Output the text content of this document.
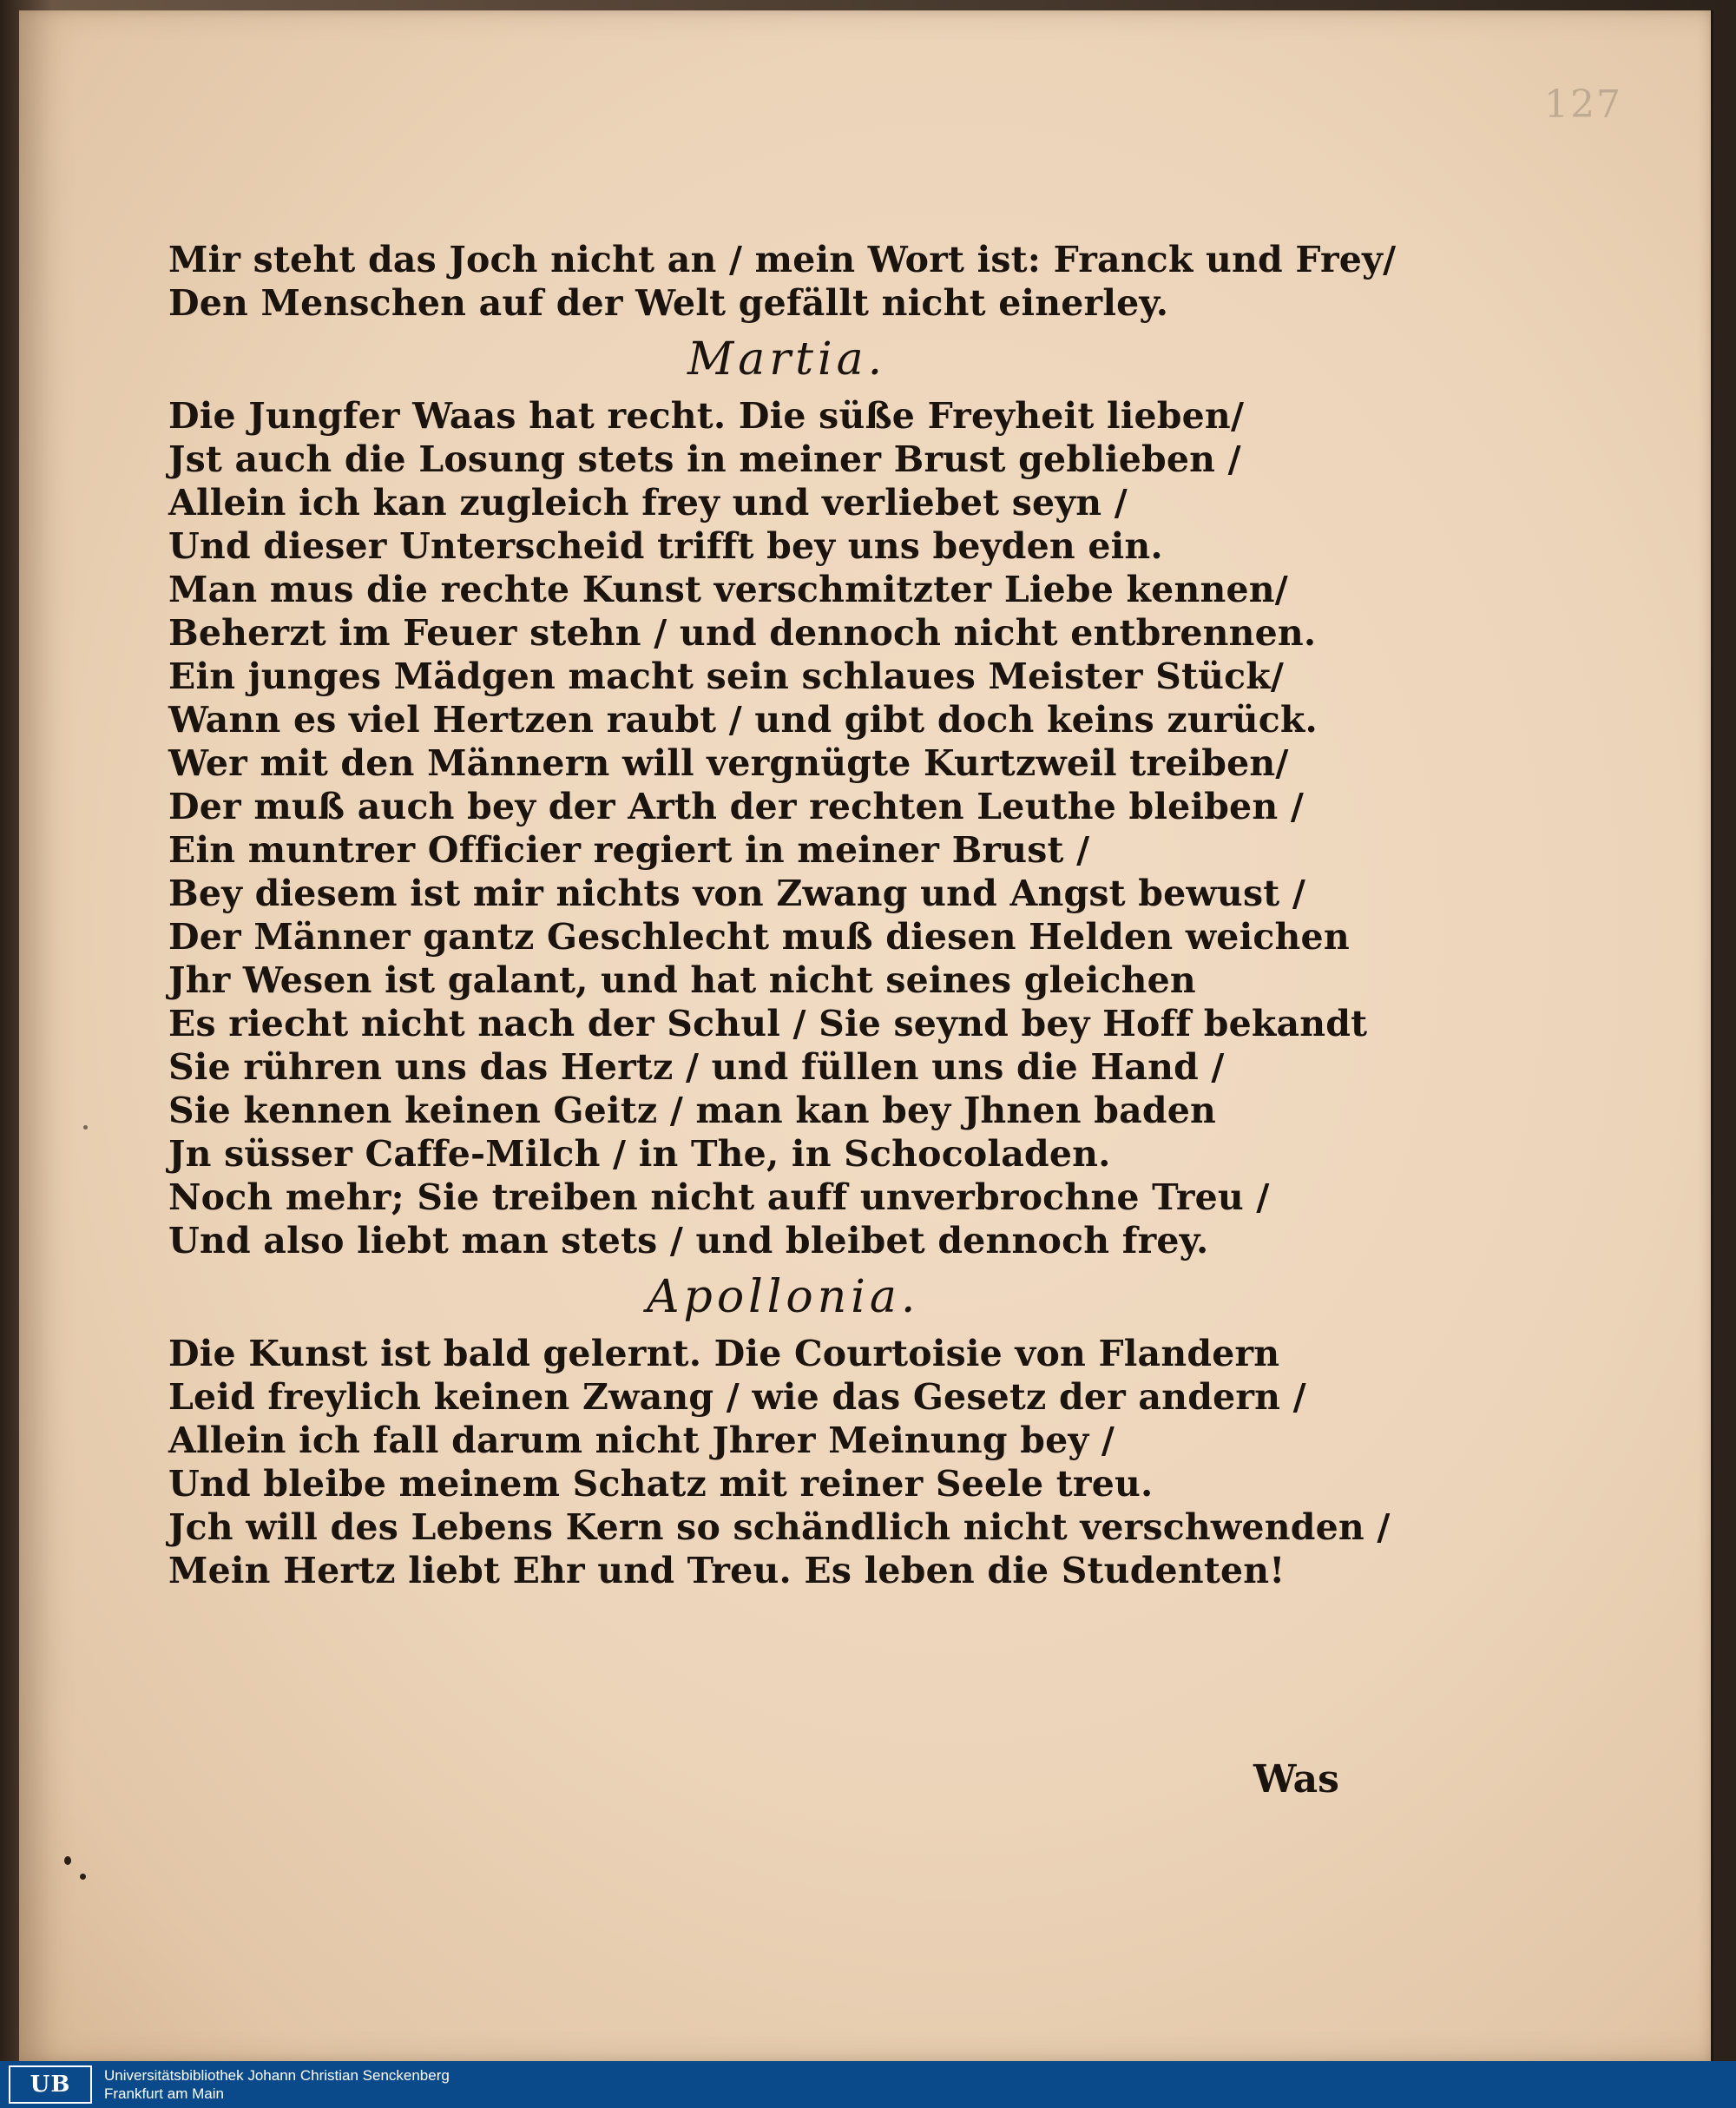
127
Mir steht das Joch nicht an / mein Wort ist: Franck und Frey/
Den Menschen auf der Welt gefällt nicht einerley.
Martia.
Die Jungfer Waas hat recht. Die süße Freyheit lieben/
Jst auch die Losung stets in meiner Brust geblieben /
Allein ich kan zugleich frey und verliebet seyn /
Und dieser Unterscheid trifft bey uns beyden ein.
Man mus die rechte Kunst verschmitzter Liebe kennen/
Beherzt im Feuer stehn / und dennoch nicht entbrennen.
Ein junges Mädgen macht sein schlaues Meister Stück/
Wann es viel Hertzen raubt / und gibt doch keins zurück.
Wer mit den Männern will vergnügte Kurtzweil treiben/
Der muß auch bey der Arth der rechten Leuthe bleiben /
Ein muntrer Officier regiert in meiner Brust /
Bey diesem ist mir nichts von Zwang und Angst bewust /
Der Männer gantz Geschlecht muß diesen Helden weichen
Jhr Wesen ist galant, und hat nicht seines gleichen
Es riecht nicht nach der Schul / Sie seynd bey Hoff bekandt
Sie rühren uns das Hertz / und füllen uns die Hand /
Sie kennen keinen Geitz / man kan bey Jhnen baden
Jn süsser Caffe-Milch / in The, in Schocoladen.
Noch mehr; Sie treiben nicht auff unverbrochne Treu /
Und also liebt man stets / und bleibet dennoch frey.
Apollonia.
Die Kunst ist bald gelernt. Die Courtoisie von Flandern
Leid freylich keinen Zwang / wie das Gesetz der andern /
Allein ich fall darum nicht Jhrer Meinung bey /
Und bleibe meinem Schatz mit reiner Seele treu.
Jch will des Lebens Kern so schändlich nicht verschwenden /
Mein Hertz liebt Ehr und Treu. Es leben die Studenten!
Was
UB	Universitätsbibliothek Johann Christian Senckenberg
Frankfurt am Main
